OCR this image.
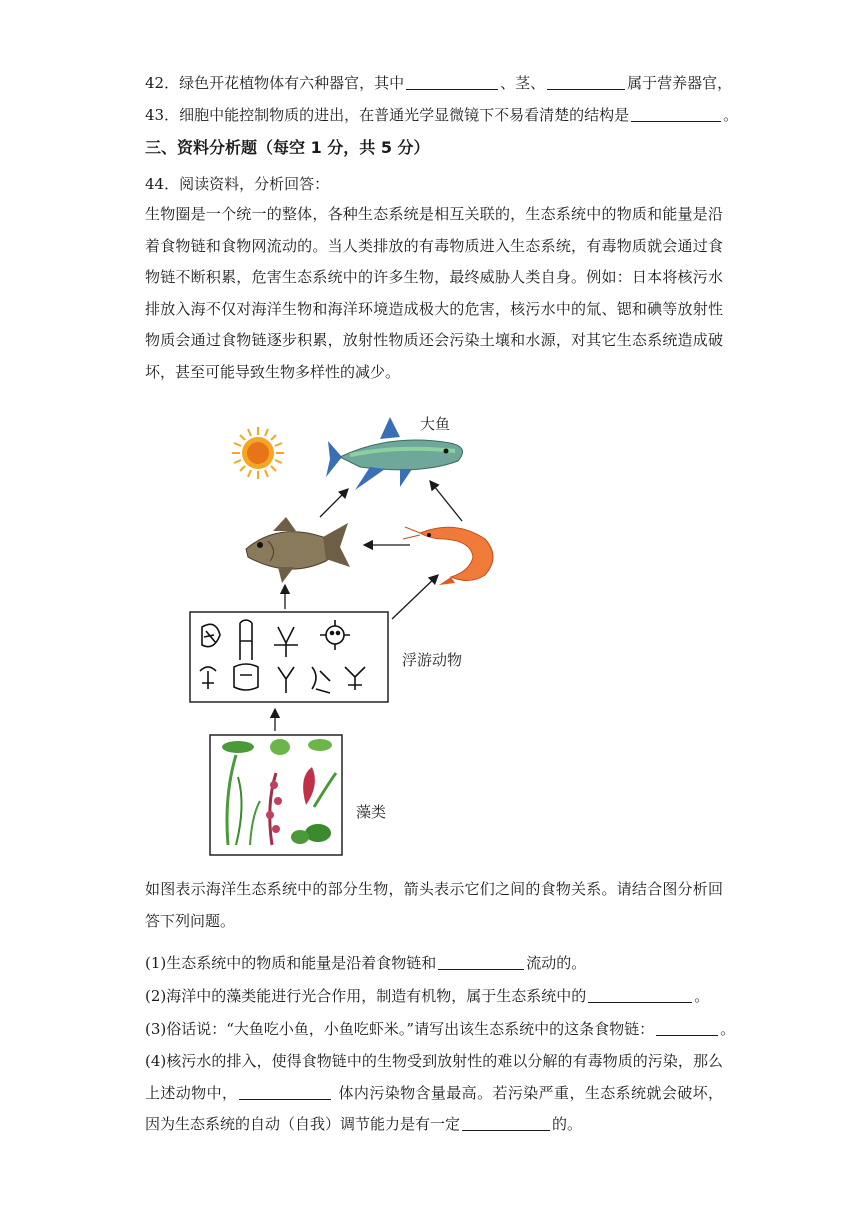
42．绿色开花植物体有六种器官，其中	、茎、	属于营养器官，
43．细胞中能控制物质的进出，在普通光学显微镜下不易看清楚的结构是	。
三、资料分析题（每空 1 分，共 5 分）
44．阅读资料，分析回答：
生物圈是一个统一的整体，各种生态系统是相互关联的，生态系统中的物质和能量是沿着食物链和食物网流动的。当人类排放的有毒物质进入生态系统，有毒物质就会通过食物链不断积累，危害生态系统中的许多生物，最终威胁人类自身。例如：日本将核污水排放入海不仅对海洋生物和海洋环境造成极大的危害，核污水中的氚、锶和碘等放射性物质会通过食物链逐步积累，放射性物质还会污染土壤和水源，对其它生态系统造成破坏，甚至可能导致生物多样性的减少。
浮游动物
藻类
大鱼
如图表示海洋生态系统中的部分生物，箭头表示它们之间的食物关系。请结合图分析回答下列问题。
(1)生态系统中的物质和能量是沿着食物链和	流动的。
(2)海洋中的藻类能进行光合作用，制造有机物，属于生态系统中的	。
(3)俗话说：“大鱼吃小鱼，小鱼吃虾米。”请写出该生态系统中的这条食物链：	。
(4)核污水的排入，使得食物链中的生物受到放射性的难以分解的有毒物质的污染，那么上述动物中，	体内污染物含量最高。若污染严重，生态系统就会破坏，因为生态系统的自动（自我）调节能力是有一定	的。
